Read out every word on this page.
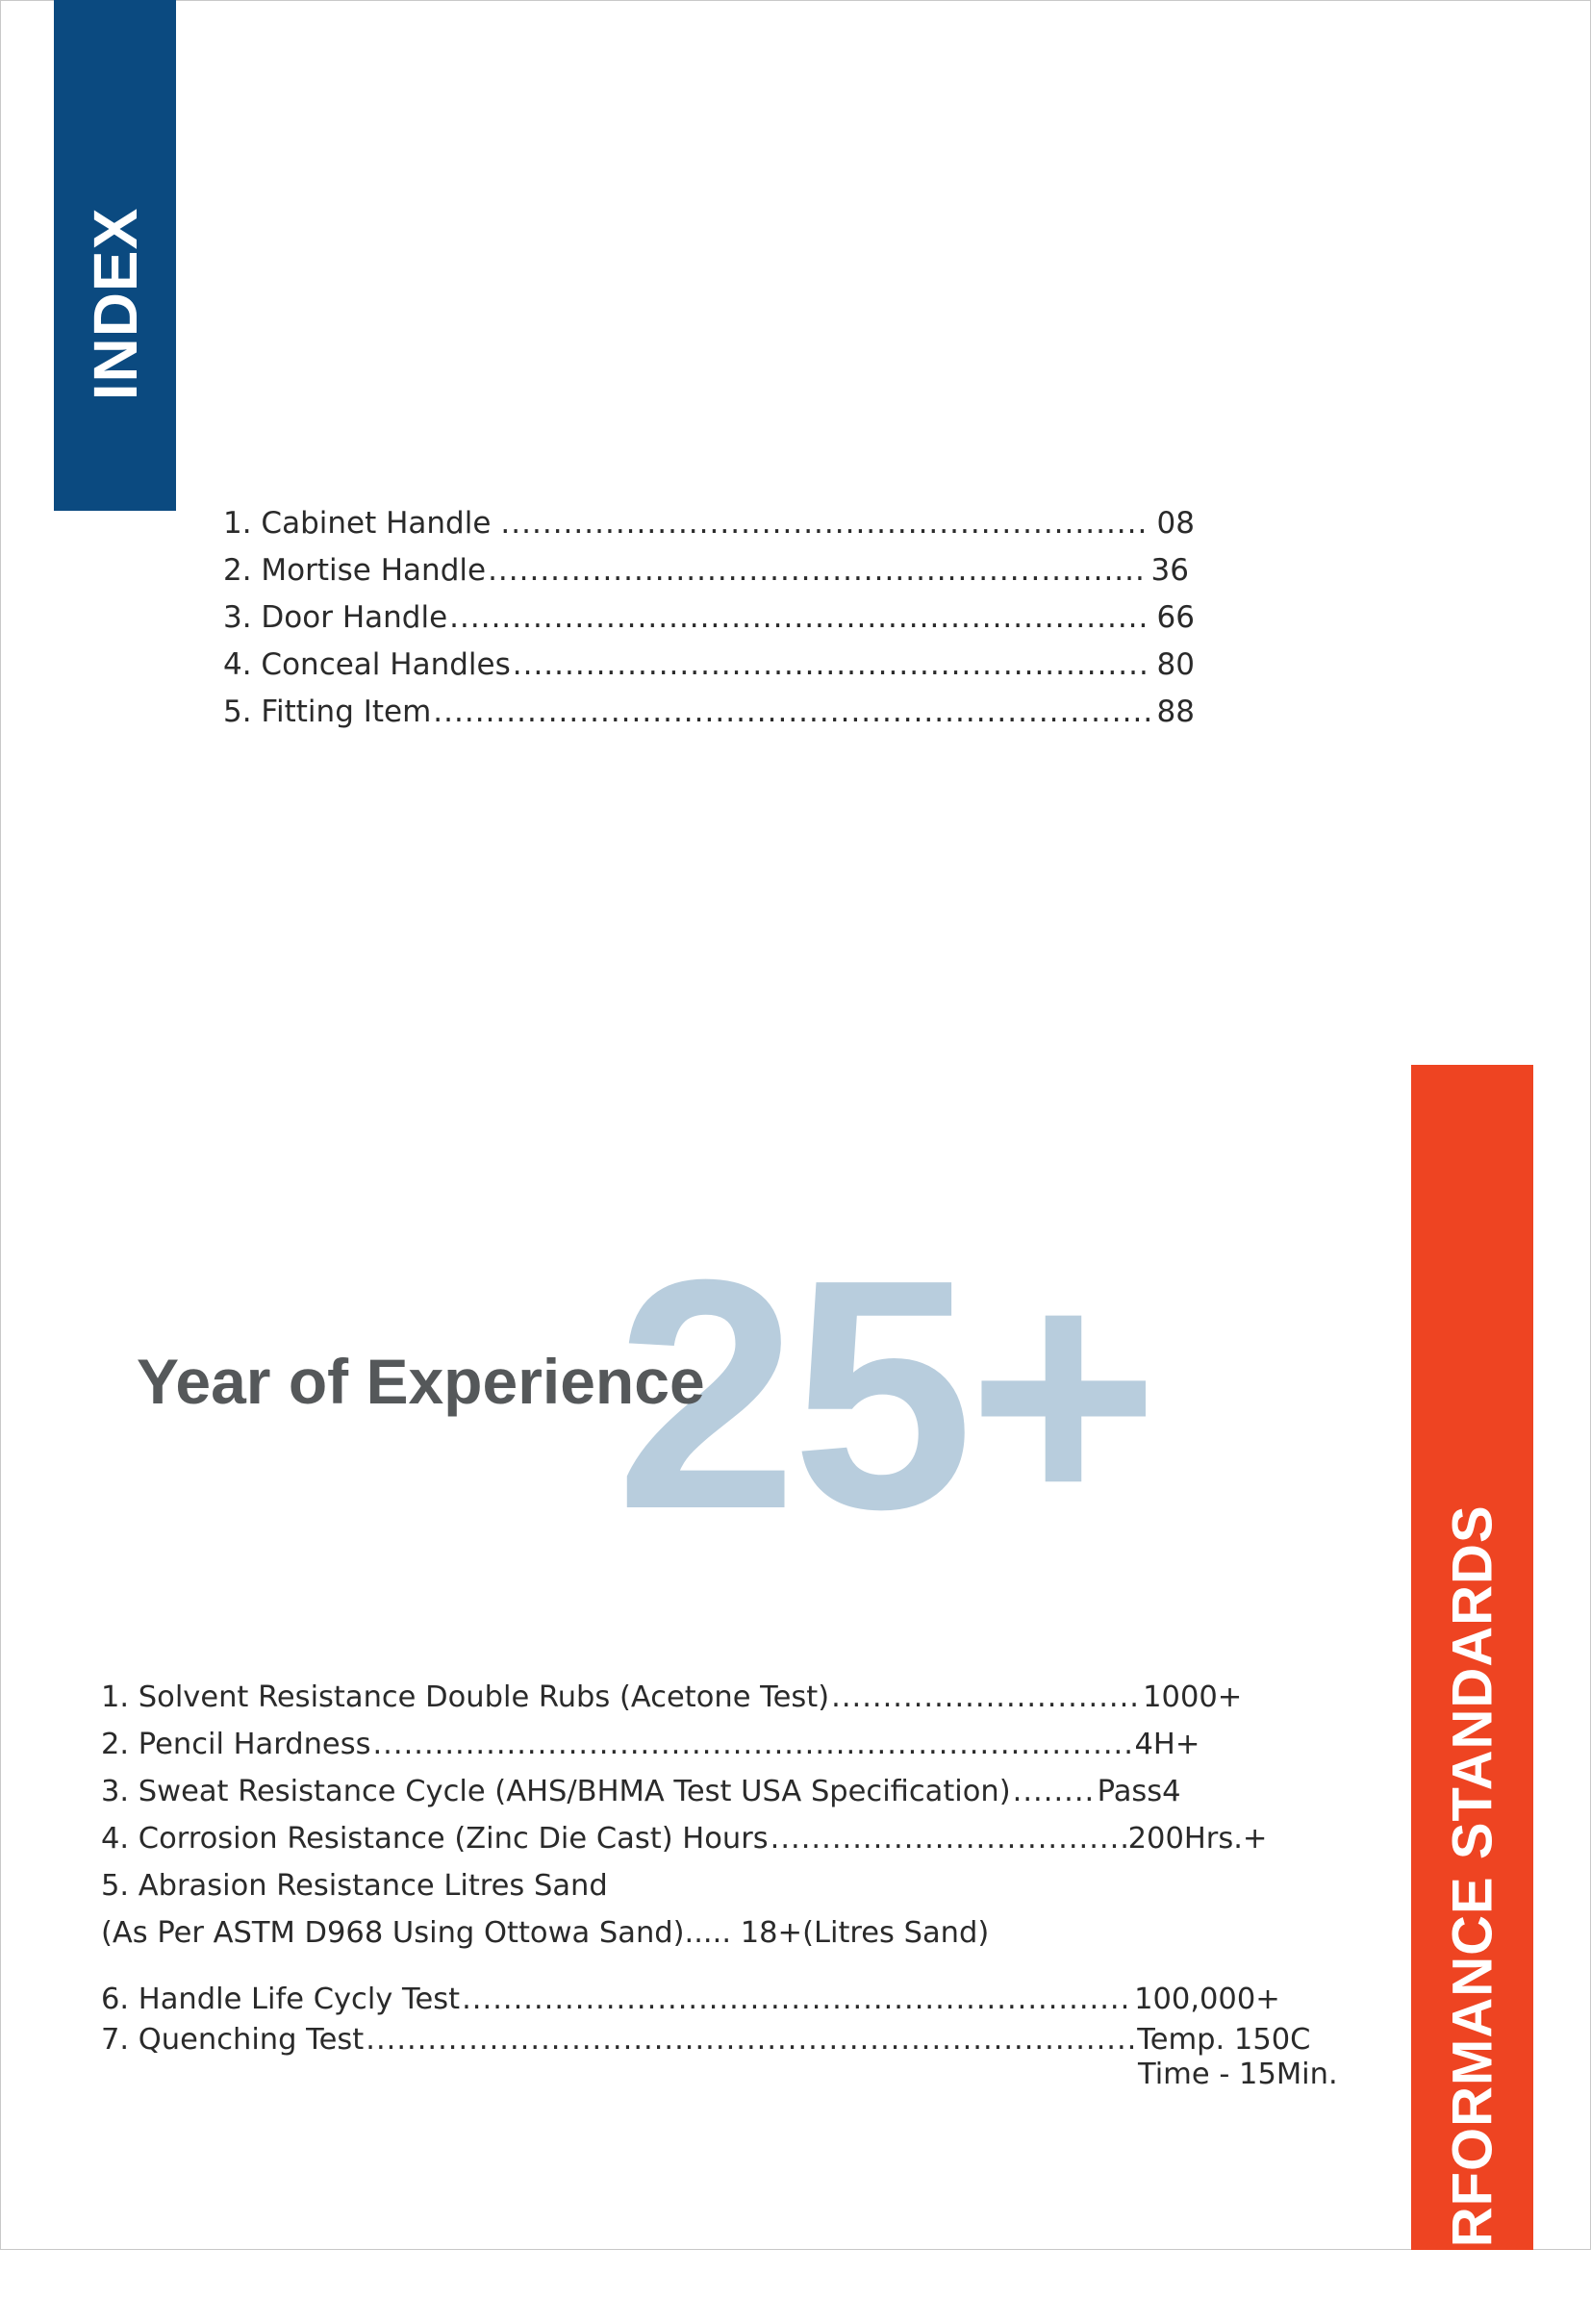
INDEX
1. Cabinet Handle .....	08
2. Mortise Handle .....	36
3. Door Handle .....	66
4. Conceal Handles .....	80
5. Fitting Item .....	88
25+
Year of Experience
PERFORMANCE STANDARDS
1. Solvent Resistance Double Rubs (Acetone Test) .....	1000+
2. Pencil Hardness .....	4H+
3. Sweat Resistance Cycle (AHS/BHMA Test USA Specification) .....	Pass4
4. Corrosion Resistance (Zinc Die Cast) Hours .....	200Hrs.+
5. Abrasion Resistance Litres Sand
(As Per ASTM D968 Using Ottowa Sand)..... 18+(Litres Sand)
6. Handle Life Cycly Test .....	100,000+
7. Quenching Test .....	Temp. 150C
Time - 15Min.
